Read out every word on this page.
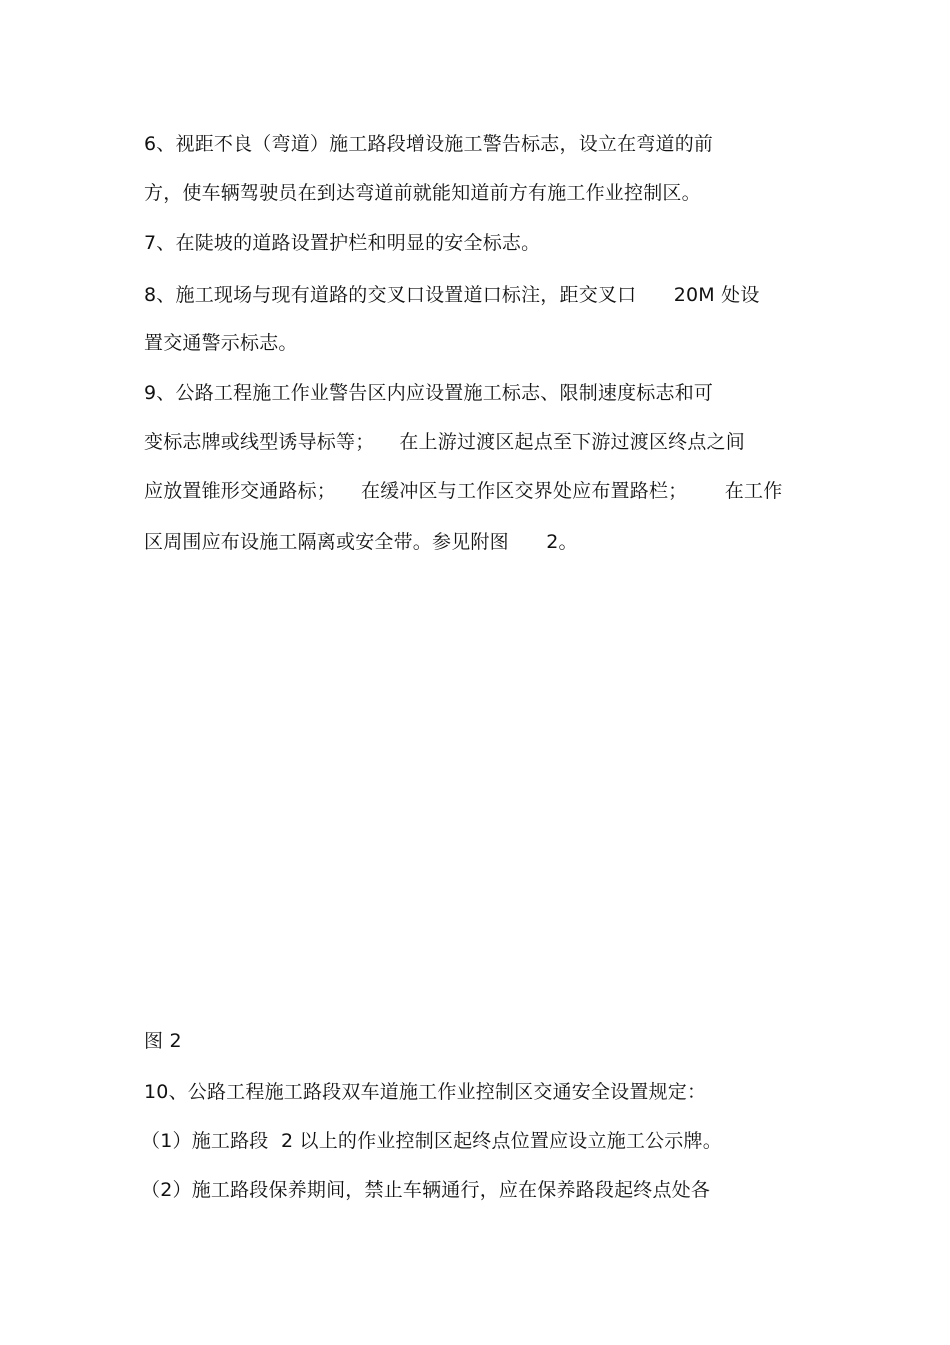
6、视距不良（弯道）施工路段增设施工警告标志，设立在弯道的前
方，使车辆驾驶员在到达弯道前就能知道前方有施工作业控制区。
7、在陡坡的道路设置护栏和明显的安全标志。
8、施工现场与现有道路的交叉口设置道口标注，距交叉口      20M 处设
置交通警示标志。
9、公路工程施工作业警告区内应设置施工标志、限制速度标志和可
变标志牌或线型诱导标等；    在上游过渡区起点至下游过渡区终点之间
应放置锥形交通路标；    在缓冲区与工作区交界处应布置路栏；      在工作
区周围应布设施工隔离或安全带。参见附图      2。
图 2
10、公路工程施工路段双车道施工作业控制区交通安全设置规定：
（1）施工路段  2 以上的作业控制区起终点位置应设立施工公示牌。
（2）施工路段保养期间，禁止车辆通行，应在保养路段起终点处各
